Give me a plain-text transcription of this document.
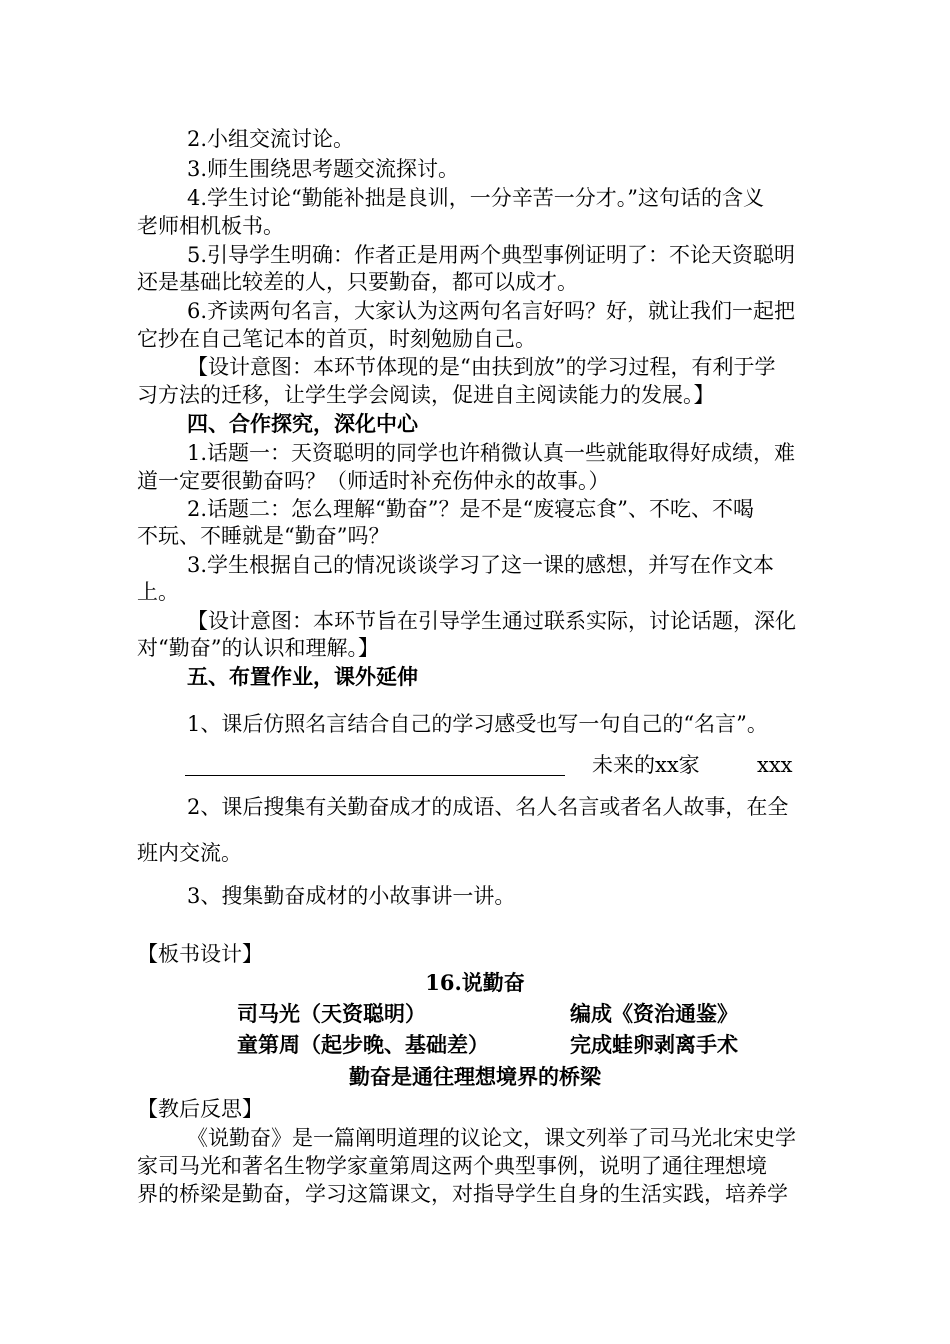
2.小组交流讨论。
3.师生围绕思考题交流探讨。
4.学生讨论“勤能补拙是良训，一分辛苦一分才。”这句话的含义
老师相机板书。
5.引导学生明确：作者正是用两个典型事例证明了：不论天资聪明
还是基础比较差的人，只要勤奋，都可以成才。
6.齐读两句名言，大家认为这两句名言好吗？好，就让我们一起把
它抄在自己笔记本的首页，时刻勉励自己。
【设计意图：本环节体现的是“由扶到放”的学习过程，有利于学
习方法的迁移，让学生学会阅读，促进自主阅读能力的发展。】
四、合作探究，深化中心
1.话题一：天资聪明的同学也许稍微认真一些就能取得好成绩，难
道一定要很勤奋吗？（师适时补充伤仲永的故事。）
2.话题二：怎么理解“勤奋”？是不是“废寝忘食”、不吃、不喝
不玩、不睡就是“勤奋”吗？
3.学生根据自己的情况谈谈学习了这一课的感想，并写在作文本
上。
【设计意图：本环节旨在引导学生通过联系实际，讨论话题，深化
对“勤奋”的认识和理解。】
五、布置作业，课外延伸
1、课后仿照名言结合自己的学习感受也写一句自己的“名言”。
未来的xx家	xxx
2、课后搜集有关勤奋成才的成语、名人名言或者名人故事，在全
班内交流。
3、搜集勤奋成材的小故事讲一讲。
【板书设计】
16.说勤奋
司马光（天资聪明）	编成《资治通鉴》
童第周（起步晚、基础差）	完成蛙卵剥离手术
勤奋是通往理想境界的桥梁
【教后反思】
《说勤奋》是一篇阐明道理的议论文，课文列举了司马光北宋史学
家司马光和著名生物学家童第周这两个典型事例，说明了通往理想境
界的桥梁是勤奋，学习这篇课文，对指导学生自身的生活实践，培养学
